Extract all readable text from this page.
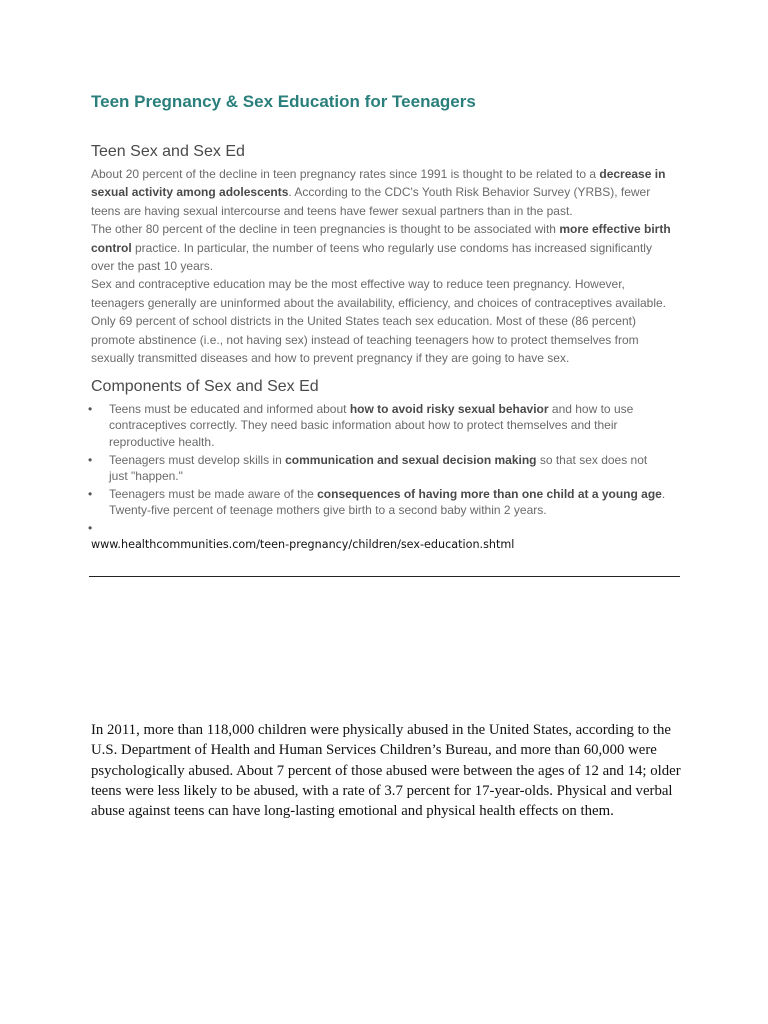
Teen Pregnancy & Sex Education for Teenagers
Teen Sex and Sex Ed

About 20 percent of the decline in teen pregnancy rates since 1991 is thought to be related to a decrease in sexual activity among adolescents. According to the CDC's Youth Risk Behavior Survey (YRBS), fewer teens are having sexual intercourse and teens have fewer sexual partners than in the past.

The other 80 percent of the decline in teen pregnancies is thought to be associated with more effective birth control practice. In particular, the number of teens who regularly use condoms has increased significantly over the past 10 years.

Sex and contraceptive education may be the most effective way to reduce teen pregnancy. However, teenagers generally are uninformed about the availability, efficiency, and choices of contraceptives available. Only 69 percent of school districts in the United States teach sex education. Most of these (86 percent) promote abstinence (i.e., not having sex) instead of teaching teenagers how to protect themselves from sexually transmitted diseases and how to prevent pregnancy if they are going to have sex.

Components of Sex and Sex Ed
• Teens must be educated and informed about how to avoid risky sexual behavior and how to use contraceptives correctly. They need basic information about how to protect themselves and their reproductive health.
• Teenagers must develop skills in communication and sexual decision making so that sex does not just "happen."
• Teenagers must be made aware of the consequences of having more than one child at a young age. Twenty-five percent of teenage mothers give birth to a second baby within 2 years.
•

www.healthcommunities.com/teen-pregnancy/children/sex-education.shtml

In 2011, more than 118,000 children were physically abused in the United States, according to the U.S. Department of Health and Human Services Children’s Bureau, and more than 60,000 were psychologically abused. About 7 percent of those abused were between the ages of 12 and 14; older teens were less likely to be abused, with a rate of 3.7 percent for 17-year-olds. Physical and verbal abuse against teens can have long-lasting emotional and physical health effects on them.
